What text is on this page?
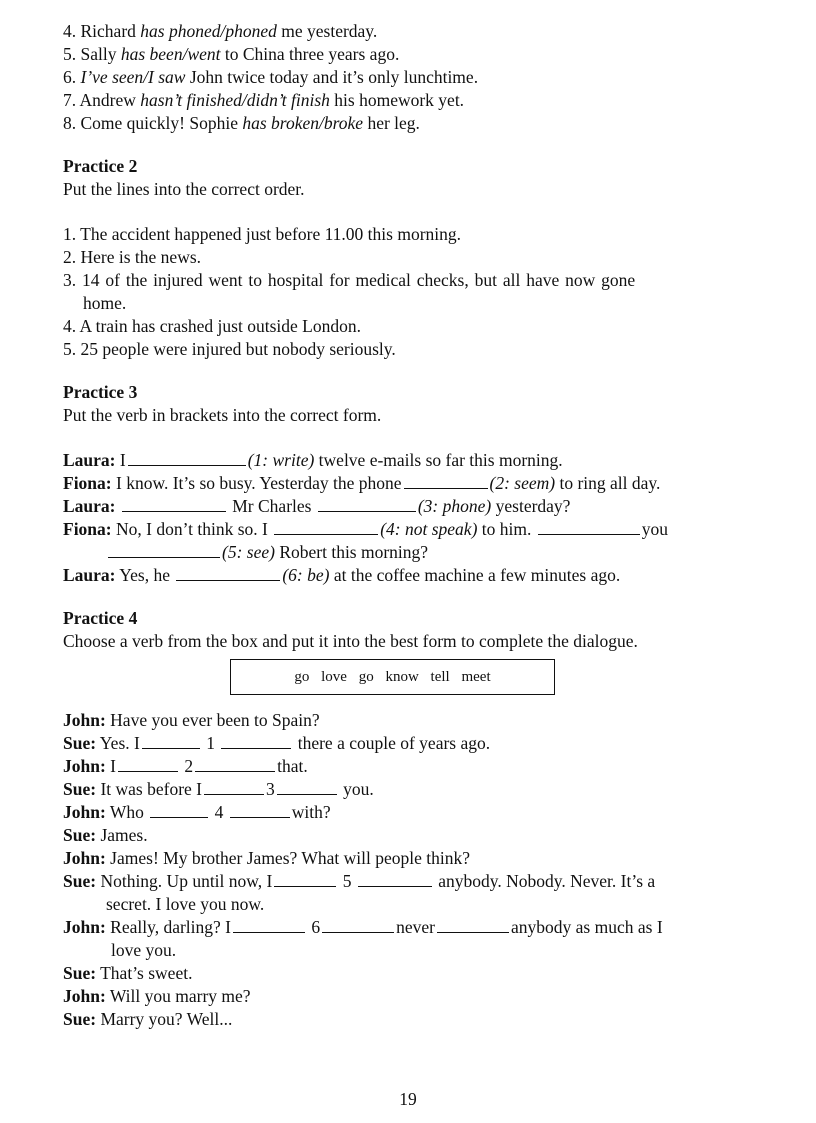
4. Richard has phoned/phoned me yesterday.
5. Sally has been/went to China three years ago.
6. I’ve seen/I saw John twice today and it’s only lunchtime.
7. Andrew hasn’t finished/didn’t finish his homework yet.
8. Come quickly! Sophie has broken/broke her leg.
Practice 2
Put the lines into the correct order.
1. The accident happened just before 11.00 this morning.
2. Here is the news.
3. 14 of the injured went to hospital for medical checks, but all have now gone
home.
4. A train has crashed just outside London.
5. 25 people were injured but nobody seriously.
Practice 3
Put the verb in brackets into the correct form.
Laura: I	(1: write) twelve e-mails so far this morning.
Fiona: I know. It’s so busy. Yesterday the phone	(2: seem) to ring all day.
Laura:	Mr Charles	(3: phone) yesterday?
Fiona: No, I don’t think so. I	(4: not speak) to him.	you
(5: see) Robert this morning?
Laura: Yes, he	(6: be) at the coffee machine a few minutes ago.
Practice 4
Choose a verb from the box and put it into the best form to complete the dialogue.
go love go know tell meet
John: Have you ever been to Spain?
Sue: Yes. I	1	there a couple of years ago.
John: I	2	that.
Sue: It was before I	3	you.
John: Who	4	with?
Sue: James.
John: James! My brother James? What will people think?
Sue: Nothing. Up until now, I	5	anybody. Nobody. Never. It’s a
secret. I love you now.
John: Really, darling? I	6	never	anybody as much as I
love you.
Sue: That’s sweet.
John: Will you marry me?
Sue: Marry you? Well...
19
